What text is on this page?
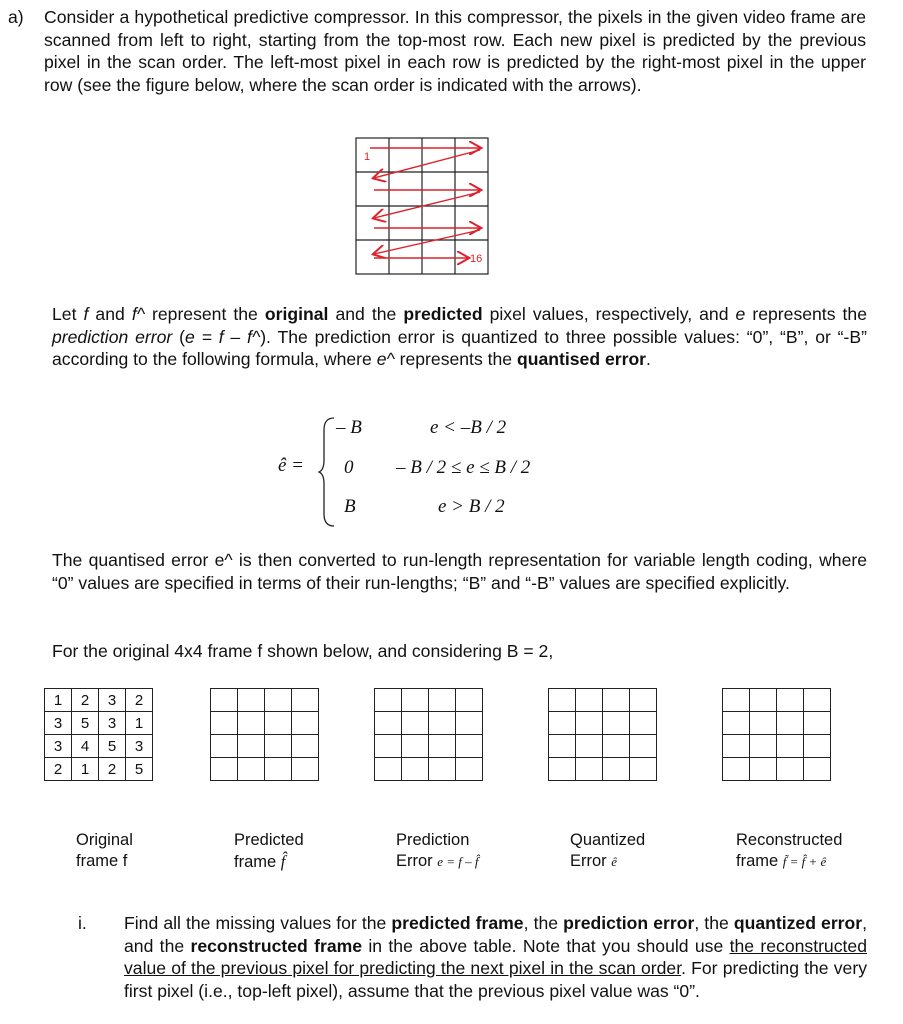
a) Consider a hypothetical predictive compressor. In this compressor, the pixels in the given video frame are scanned from left to right, starting from the top-most row. Each new pixel is predicted by the previous pixel in the scan order. The left-most pixel in each row is predicted by the right-most pixel in the upper row (see the figure below, where the scan order is indicated with the arrows).

1
16

Let f and f^ represent the original and the predicted pixel values, respectively, and e represents the prediction error (e = f – f^). The prediction error is quantized to three possible values: “0”, “B”, or “-B” according to the following formula, where e^ represents the quantised error.

ê =
– B	e < –B / 2
0 – B / 2 ≤ e ≤ B / 2
B	e > B / 2

The quantised error e^ is then converted to run-length representation for variable length coding, where “0” values are specified in terms of their run-lengths; “B” and “-B” values are specified explicitly.

For the original 4x4 frame f shown below, and considering B = 2,

1	2	3	2
3	5	3	1
3	4	5	3
2	1	2	5

Original
frame f
Predicted
frame f̂
Prediction
Error e = f – f̂
Quantized
Error ê
Reconstructed
frame f̃ = f̂ + ê
i. Find all the missing values for the predicted frame, the prediction error, the quantized error, and the reconstructed frame in the above table. Note that you should use the reconstructed value of the previous pixel for predicting the next pixel in the scan order. For predicting the very first pixel (i.e., top-left pixel), assume that the previous pixel value was “0”.
